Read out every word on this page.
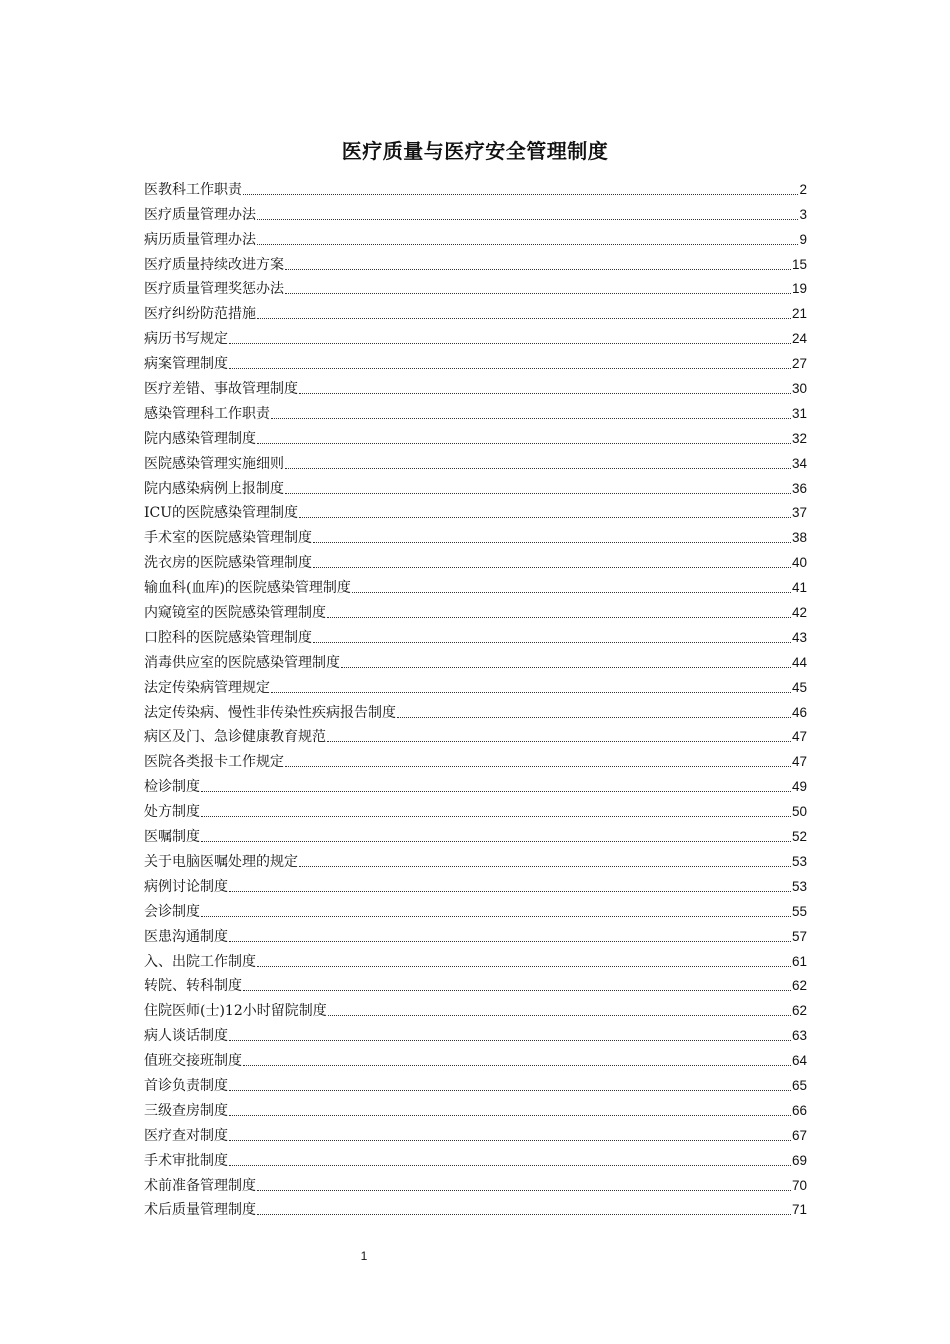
医疗质量与医疗安全管理制度
医教科工作职责	2
医疗质量管理办法	3
病历质量管理办法	9
医疗质量持续改进方案	15
医疗质量管理奖惩办法	19
医疗纠纷防范措施	21
病历书写规定	24
病案管理制度	27
医疗差错、事故管理制度	30
感染管理科工作职责	31
院内感染管理制度	32
医院感染管理实施细则	34
院内感染病例上报制度	36
ICU的医院感染管理制度	37
手术室的医院感染管理制度	38
洗衣房的医院感染管理制度	40
输血科(血库)的医院感染管理制度	41
内窥镜室的医院感染管理制度	42
口腔科的医院感染管理制度	43
消毒供应室的医院感染管理制度	44
法定传染病管理规定	45
法定传染病、慢性非传染性疾病报告制度	46
病区及门、急诊健康教育规范	47
医院各类报卡工作规定	47
检诊制度	49
处方制度	50
医嘱制度	52
关于电脑医嘱处理的规定	53
病例讨论制度	53
会诊制度	55
医患沟通制度	57
入、出院工作制度	61
转院、转科制度	62
住院医师(士)12小时留院制度	62
病人谈话制度	63
值班交接班制度	64
首诊负责制度	65
三级查房制度	66
医疗查对制度	67
手术审批制度	69
术前准备管理制度	70
术后质量管理制度	71
1
